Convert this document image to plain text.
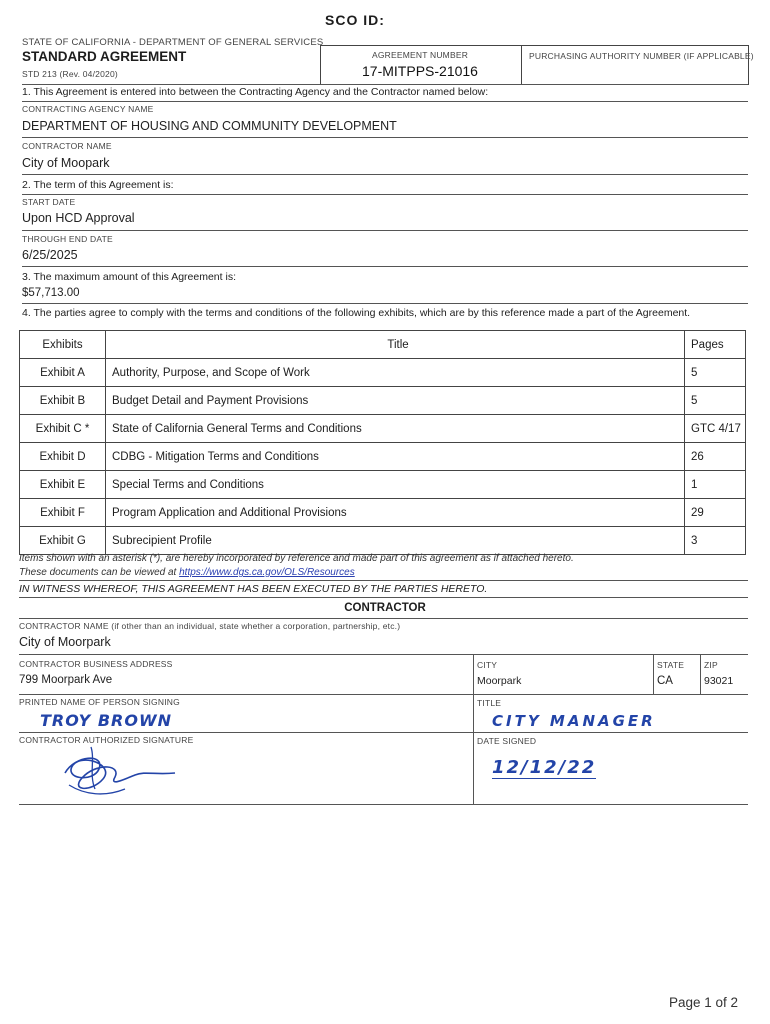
SCO ID:
STATE OF CALIFORNIA - DEPARTMENT OF GENERAL SERVICES
STANDARD AGREEMENT
STD 213 (Rev. 04/2020)
AGREEMENT NUMBER
17-MITPPS-21016
PURCHASING AUTHORITY NUMBER (IF APPLICABLE)
1. This Agreement is entered into between the Contracting Agency and the Contractor named below:
CONTRACTING AGENCY NAME
DEPARTMENT OF HOUSING AND COMMUNITY DEVELOPMENT
CONTRACTOR NAME
City of Moopark
2. The term of this Agreement is:
START DATE
Upon HCD Approval
THROUGH END DATE
6/25/2025
3. The maximum amount of this Agreement is:
$57,713.00
4. The parties agree to comply with the terms and conditions of the following exhibits, which are by this reference made a part of the Agreement.
Exhibits	Title	Pages
Exhibit A	Authority, Purpose, and Scope of Work	5
Exhibit B	Budget Detail and Payment Provisions	5
Exhibit C *	State of California General Terms and Conditions	GTC 4/17
Exhibit D	CDBG - Mitigation Terms and Conditions	26
Exhibit E	Special Terms and Conditions	1
Exhibit F	Program Application and Additional Provisions	29
Exhibit G	Subrecipient Profile	3
Items shown with an asterisk (*), are hereby incorporated by reference and made part of this agreement as if attached hereto.
These documents can be viewed at https://www.dgs.ca.gov/OLS/Resources
IN WITNESS WHEREOF, THIS AGREEMENT HAS BEEN EXECUTED BY THE PARTIES HERETO.
CONTRACTOR
CONTRACTOR NAME (if other than an individual, state whether a corporation, partnership, etc.)
City of Moorpark
CONTRACTOR BUSINESS ADDRESS
799 Moorpark Ave
CITY
Moorpark
STATE
CA
ZIP
93021
PRINTED NAME OF PERSON SIGNING	TITLE
TROY BROWN	CITY MANAGER
CONTRACTOR AUTHORIZED SIGNATURE	DATE SIGNED
12/12/22
Page 1 of 2
